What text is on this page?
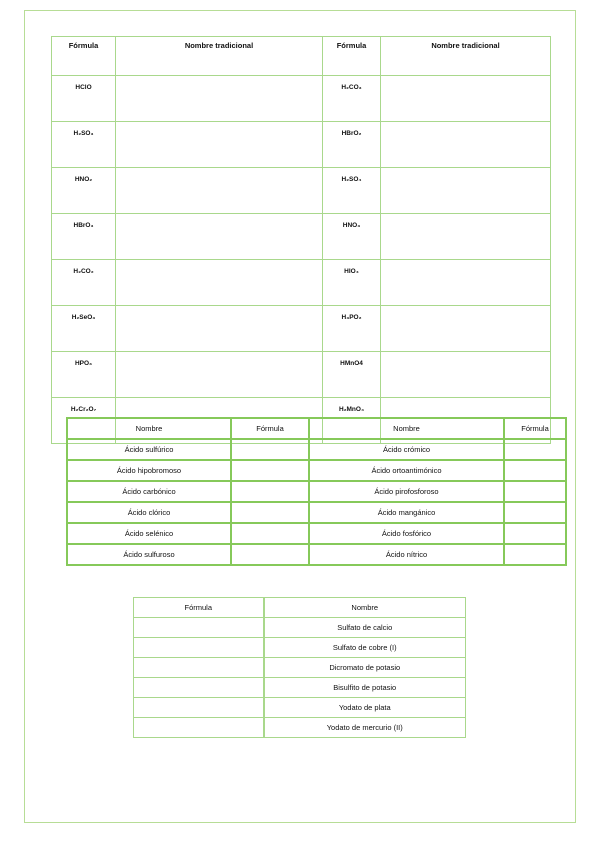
Fórmula	Nombre tradicional	Fórmula	Nombre tradicional
HClO		H₂CO₃	
H₂SO₃		HBrO₂	
HNO₂		H₂SO₄	
HBrO₃		HNO₃	
H₂CO₂		HIO₄	
H₂SeO₃		H₃PO₂	
HPO₃		HMnO4	
H₂Cr₂O₇		H₂MnO₄	
Nombre	Fórmula	Nombre	Fórmula
Ácido sulfúrico		Ácido crómico	
Ácido hipobromoso		Ácido ortoantimónico	
Ácido carbónico		Ácido pirofosforoso	
Ácido clórico		Ácido mangánico	
Ácido selénico		Ácido fosfórico	
Ácido sulfuroso		Ácido nítrico	
Fórmula	Nombre
	Sulfato de calcio
	Sulfato de cobre (I)
	Dicromato de potasio
	Bisulfito de potasio
	Yodato de plata
	Yodato de mercurio (II)
